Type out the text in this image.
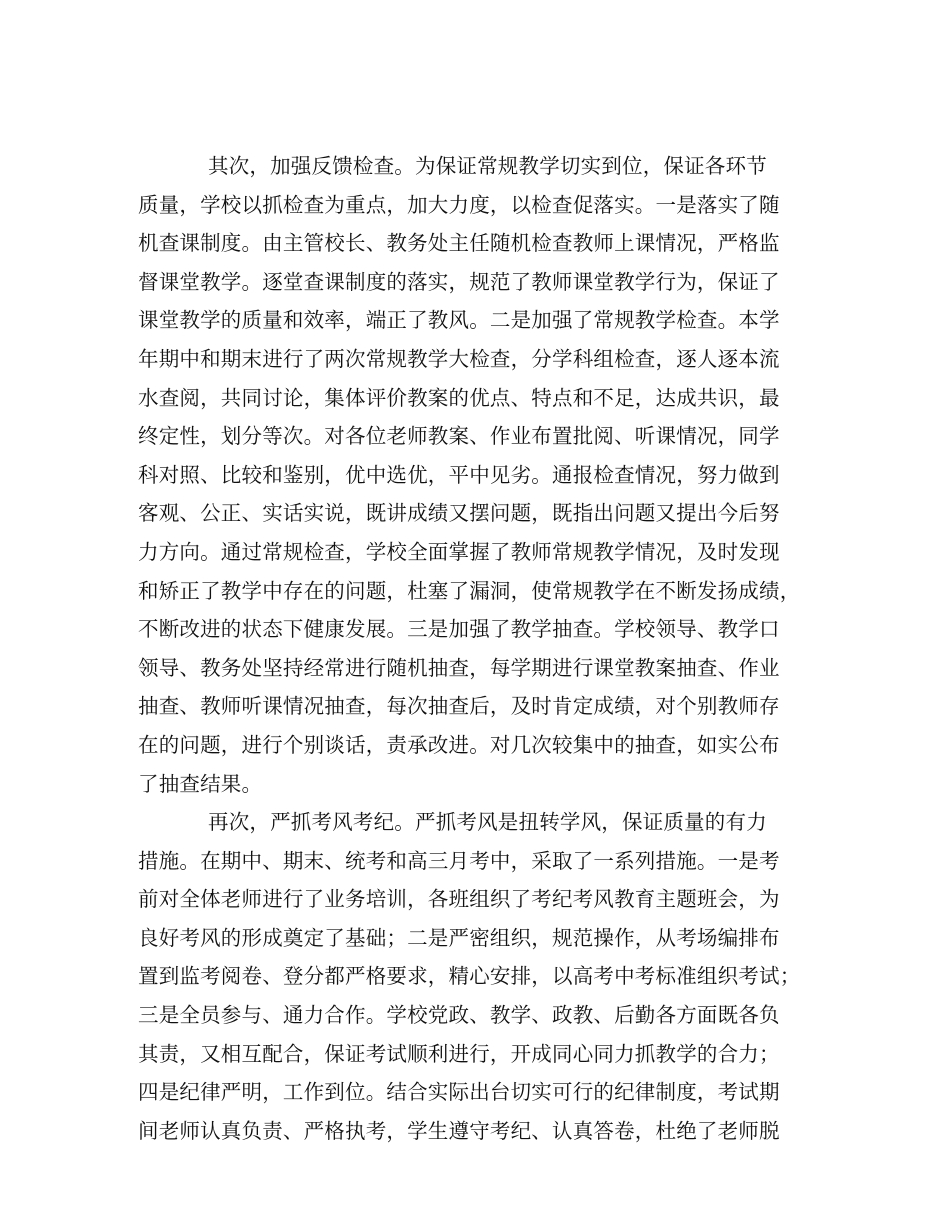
其次，加强反馈检查。为保证常规教学切实到位，保证各环节
质量，学校以抓检查为重点，加大力度，以检查促落实。一是落实了随
机查课制度。由主管校长、教务处主任随机检查教师上课情况，严格监
督课堂教学。逐堂查课制度的落实，规范了教师课堂教学行为，保证了
课堂教学的质量和效率，端正了教风。二是加强了常规教学检查。本学
年期中和期末进行了两次常规教学大检查，分学科组检查，逐人逐本流
水查阅，共同讨论，集体评价教案的优点、特点和不足，达成共识，最
终定性，划分等次。对各位老师教案、作业布置批阅、听课情况，同学
科对照、比较和鉴别，优中选优，平中见劣。通报检查情况，努力做到
客观、公正、实话实说，既讲成绩又摆问题，既指出问题又提出今后努
力方向。通过常规检查，学校全面掌握了教师常规教学情况，及时发现
和矫正了教学中存在的问题，杜塞了漏洞，使常规教学在不断发扬成绩，
不断改进的状态下健康发展。三是加强了教学抽查。学校领导、教学口
领导、教务处坚持经常进行随机抽查，每学期进行课堂教案抽查、作业
抽查、教师听课情况抽查，每次抽查后，及时肯定成绩，对个别教师存
在的问题，进行个别谈话，责承改进。对几次较集中的抽查，如实公布
了抽查结果。
再次，严抓考风考纪。严抓考风是扭转学风，保证质量的有力
措施。在期中、期末、统考和高三月考中，采取了一系列措施。一是考
前对全体老师进行了业务培训，各班组织了考纪考风教育主题班会，为
良好考风的形成奠定了基础；二是严密组织，规范操作，从考场编排布
置到监考阅卷、登分都严格要求，精心安排，以高考中考标准组织考试；
三是全员参与、通力合作。学校党政、教学、政教、后勤各方面既各负
其责，又相互配合，保证考试顺利进行，开成同心同力抓教学的合力；
四是纪律严明，工作到位。结合实际出台切实可行的纪律制度，考试期
间老师认真负责、严格执考，学生遵守考纪、认真答卷，杜绝了老师脱
